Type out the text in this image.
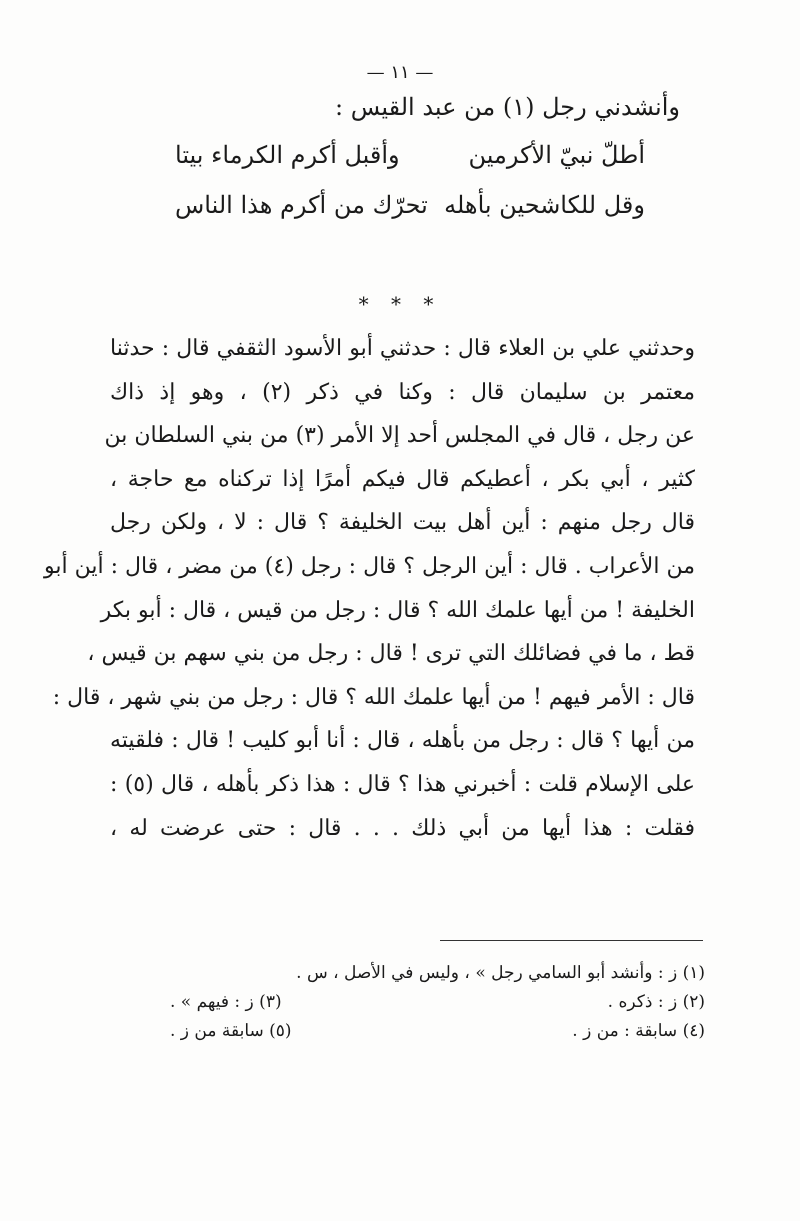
— ١١ —
وأنشدني رجل (١) من عبد القيس :
أطلّ نبيّ الأكرمين
وأقبل أكرم الكرماء بيتا
وقل للكاشحين بأهله
تحرّك من أكرم هذا الناس
* * *
وحدثني علي بن العلاء قال : حدثني أبو الأسود الثقفي قال : حدثنا
معتمر بن سليمان قال : وكنا في ذكر (٢) ، وهو إذ ذاك
عن رجل ، قال في المجلس أحد إلا الأمر (٣) من بني السلطان بن
كثير ، أبي بكر ، أعطيكم قال فيكم أمرًا إذا تركناه مع حاجة ،
قال رجل منهم : أين أهل بيت الخليفة ؟ قال : لا ، ولكن رجل
من الأعراب . قال : أين الرجل ؟ قال : رجل (٤) من مضر ، قال : أين أبو
الخليفة ! من أيها علمك الله ؟ قال : رجل من قيس ، قال : أبو بكر
قط ، ما في فضائلك التي ترى ! قال : رجل من بني سهم بن قيس ،
قال : الأمر فيهم ! من أيها علمك الله ؟ قال : رجل من بني شهر ، قال :
من أيها ؟ قال : رجل من بأهله ، قال : أنا أبو كليب ! قال : فلقيته
على الإسلام قلت : أخبرني هذا ؟ قال : هذا ذكر بأهله ، قال (٥) :
فقلت : هذا أيها من أبي ذلك . . . قال : حتى عرضت له ،
(١) ز : وأنشد أبو السامي رجل » ، وليس في الأصل ، س .
(٢) ز : ذكره .
(٣) ز : فيهم » .
(٤) سابقة : من ز .
(٥) سابقة من ز .
